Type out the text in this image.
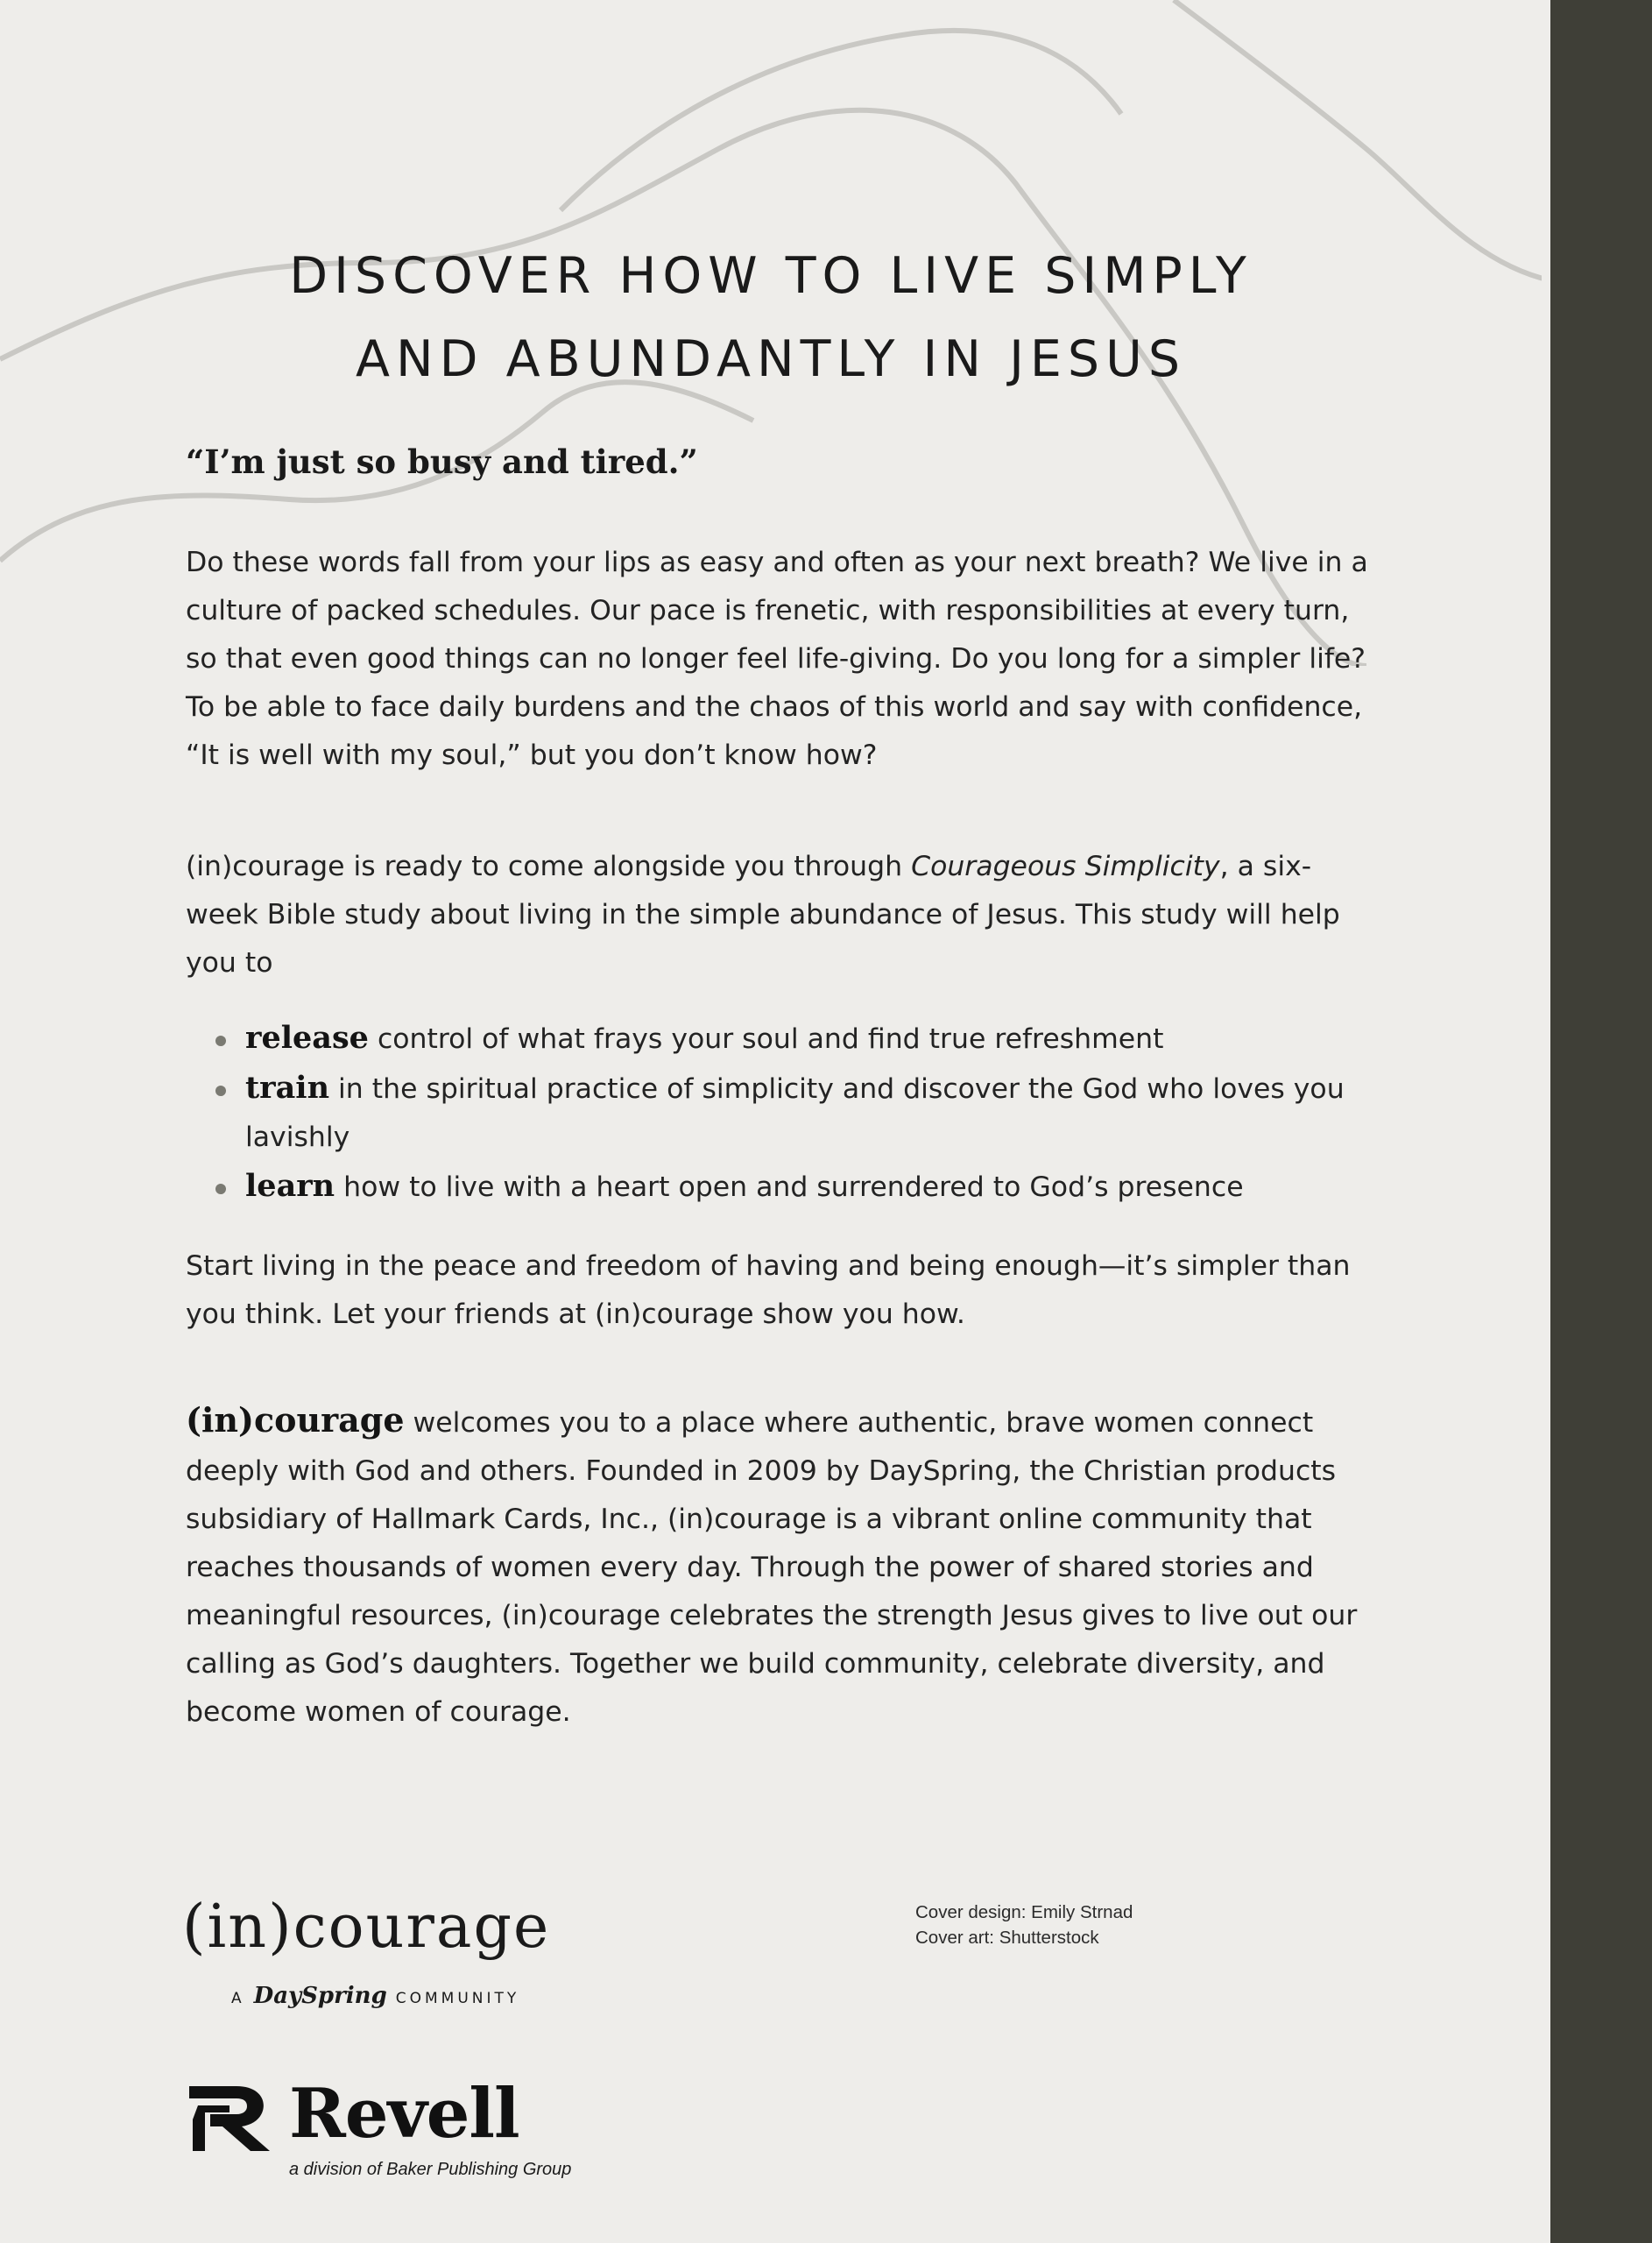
DISCOVER HOW TO LIVE SIMPLY
AND ABUNDANTLY IN JESUS

“I’m just so busy and tired.”

Do these words fall from your lips as easy and often as your next breath? We live in a culture of packed schedules. Our pace is frenetic, with responsibilities at every turn, so that even good things can no longer feel life-giving. Do you long for a simpler life? To be able to face daily burdens and the chaos of this world and say with confidence, “It is well with my soul,” but you don’t know how?

(in)courage is ready to come alongside you through Courageous Simplicity, a six-week Bible study about living in the simple abundance of Jesus. This study will help you to

release control of what frays your soul and find true refreshment
train in the spiritual practice of simplicity and discover the God who loves you lavishly
learn how to live with a heart open and surrendered to God’s presence

Start living in the peace and freedom of having and being enough—it’s simpler than you think. Let your friends at (in)courage show you how.

(in)courage welcomes you to a place where authentic, brave women connect deeply with God and others. Founded in 2009 by DaySpring, the Christian products subsidiary of Hallmark Cards, Inc., (in)courage is a vibrant online community that reaches thousands of women every day. Through the power of shared stories and meaningful resources, (in)courage celebrates the strength Jesus gives to live out our calling as God’s daughters. Together we build community, celebrate diversity, and become women of courage.

(in)courage

A DaySpring COMMUNITY
Cover design: Emily Strnad
Cover art: Shutterstock

Revell

a division of Baker Publishing Group
